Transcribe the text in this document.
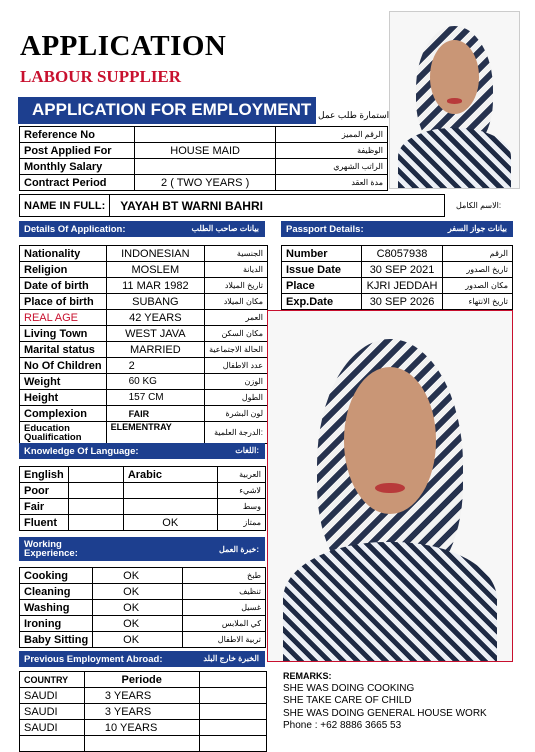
APPLICATION
LABOUR SUPPLIER
APPLICATION FOR EMPLOYMENT استمارة طلب عمل
Reference No		الرقم المميز
Post Applied For	HOUSE MAID	الوظيفة
Monthly Salary		الراتب الشهري
Contract Period	2 ( TWO YEARS )	مدة العقد
NAME IN FULL:	YAYAH BT WARNI BAHRI	الاسم الكامل:
Details Of Application:	بيانات صاحب الطلب
Nationality	INDONESIAN	الجنسية
Religion	MOSLEM	الديانة
Date of birth	11 MAR 1982	تاريخ الميلاد
Place of birth	SUBANG	مكان الميلاد
REAL AGE	42 YEARS	العمر
Living Town	WEST JAVA	مكان السكن
Marital status	MARRIED	الحالة الاجتماعية
No Of Children	2	عدد الاطفال
Weight	60 KG	الوزن
Height	157 CM	الطول
Complexion	FAIR	لون البشرة
Education Qualification	ELEMENTRAY	الدرجة العلمية:
Passport Details:	بيانات جواز السفر
Number	C8057938	الرقم
Issue Date	30 SEP 2021	تاريخ الصدور
Place	KJRI JEDDAH	مكان الصدور
Exp.Date	30 SEP 2026	تاريخ الانتهاء
Knowledge Of Language:	اللغات:
English		Arabic	العربية
Poor			لاشيء
Fair			وسط
Fluent		OK	ممتاز
خبرة العمل:
Working Experience:
Cooking	OK	طبخ
Cleaning	OK	تنظيف
Washing	OK	غسيل
Ironing	OK	كي الملابس
Baby Sitting	OK	تربية الاطفال
Previous Employment Abroad:	الخبرة خارج البلد
COUNTRY	Periode	
SAUDI	3 YEARS	
SAUDI	3 YEARS	
SAUDI	10 YEARS	

REMARKS:
SHE WAS DOING COOKING
SHE TAKE CARE OF CHILD
SHE WAS DOING GENERAL HOUSE WORK
Phone : +62 8886 3665 53
